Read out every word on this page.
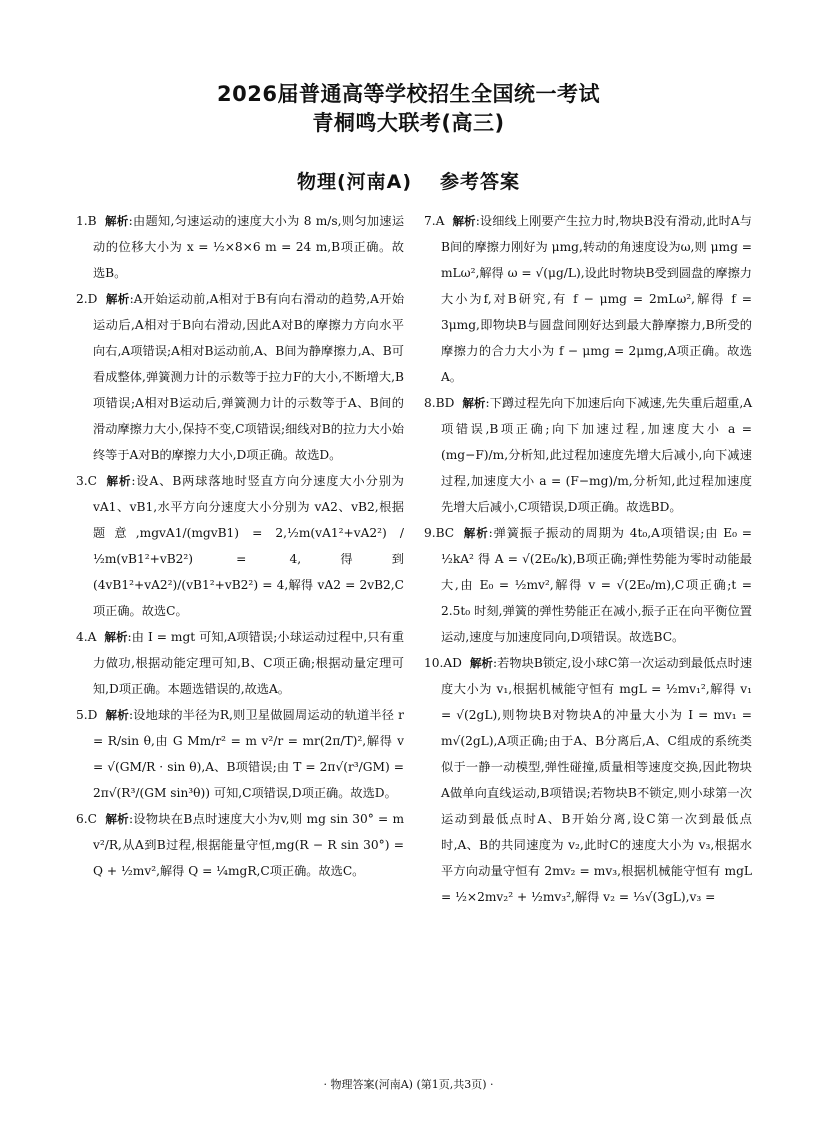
2026届普通高等学校招生全国统一考试
青桐鸣大联考(高三)
物理(河南A) 参考答案

1.B 解析:由题知,匀速运动的速度大小为 8 m/s,则匀加速运动的位移大小为 x = ½×8×6 m = 24 m,B项正确。故选B。

2.D 解析:A开始运动前,A相对于B有向右滑动的趋势,A开始运动后,A相对于B向右滑动,因此A对B的摩擦力方向水平向右,A项错误;A相对B运动前,A、B间为静摩擦力,A、B可看成整体,弹簧测力计的示数等于拉力F的大小,不断增大,B项错误;A相对B运动后,弹簧测力计的示数等于A、B间的滑动摩擦力大小,保持不变,C项错误;细线对B的拉力大小始终等于A对B的摩擦力大小,D项正确。故选D。

3.C 解析:设A、B两球落地时竖直方向分速度大小分别为 vA1、vB1,水平方向分速度大小分别为 vA2、vB2,根据题意,mgvA1/(mgvB1) = 2,½m(vA1²+vA2²) / ½m(vB1²+vB2²) = 4,得到 (4vB1²+vA2²)/(vB1²+vB2²) = 4,解得 vA2 = 2vB2,C项正确。故选C。

4.A 解析:由 I = mgt 可知,A项错误;小球运动过程中,只有重力做功,根据动能定理可知,B、C项正确;根据动量定理可知,D项正确。本题选错误的,故选A。

5.D 解析:设地球的半径为R,则卫星做圆周运动的轨道半径 r = R/sin θ,由 G Mm/r² = m v²/r = mr(2π/T)²,解得 v = √(GM/R · sin θ),A、B项错误;由 T = 2π√(r³/GM) = 2π√(R³/(GM sin³θ)) 可知,C项错误,D项正确。故选D。

6.C 解析:设物块在B点时速度大小为v,则 mg sin 30° = m v²/R,从A到B过程,根据能量守恒,mg(R − R sin 30°) = Q + ½mv²,解得 Q = ¼mgR,C项正确。故选C。

7.A 解析:设细线上刚要产生拉力时,物块B没有滑动,此时A与B间的摩擦力刚好为 μmg,转动的角速度设为ω,则 μmg = mLω²,解得 ω = √(μg/L),设此时物块B受到圆盘的摩擦力大小为f,对B研究,有 f − μmg = 2mLω²,解得 f = 3μmg,即物块B与圆盘间刚好达到最大静摩擦力,B所受的摩擦力的合力大小为 f − μmg = 2μmg,A项正确。故选A。

8.BD 解析:下蹲过程先向下加速后向下减速,先失重后超重,A项错误,B项正确;向下加速过程,加速度大小 a = (mg−F)/m,分析知,此过程加速度先增大后减小,向下减速过程,加速度大小 a = (F−mg)/m,分析知,此过程加速度先增大后减小,C项错误,D项正确。故选BD。

9.BC 解析:弹簧振子振动的周期为 4t₀,A项错误;由 E₀ = ½kA² 得 A = √(2E₀/k),B项正确;弹性势能为零时动能最大,由 E₀ = ½mv²,解得 v = √(2E₀/m),C项正确;t = 2.5t₀ 时刻,弹簧的弹性势能正在减小,振子正在向平衡位置运动,速度与加速度同向,D项错误。故选BC。

10.AD 解析:若物块B锁定,设小球C第一次运动到最低点时速度大小为 v₁,根据机械能守恒有 mgL = ½mv₁²,解得 v₁ = √(2gL),则物块B对物块A的冲量大小为 I = mv₁ = m√(2gL),A项正确;由于A、B分离后,A、C组成的系统类似于一静一动模型,弹性碰撞,质量相等速度交换,因此物块A做单向直线运动,B项错误;若物块B不锁定,则小球第一次运动到最低点时A、B开始分离,设C第一次到最低点时,A、B的共同速度为 v₂,此时C的速度大小为 v₃,根据水平方向动量守恒有 2mv₂ = mv₃,根据机械能守恒有 mgL = ½×2mv₂² + ½mv₃²,解得 v₂ = ⅓√(3gL),v₃ =

· 物理答案(河南A) (第1页,共3页) ·
